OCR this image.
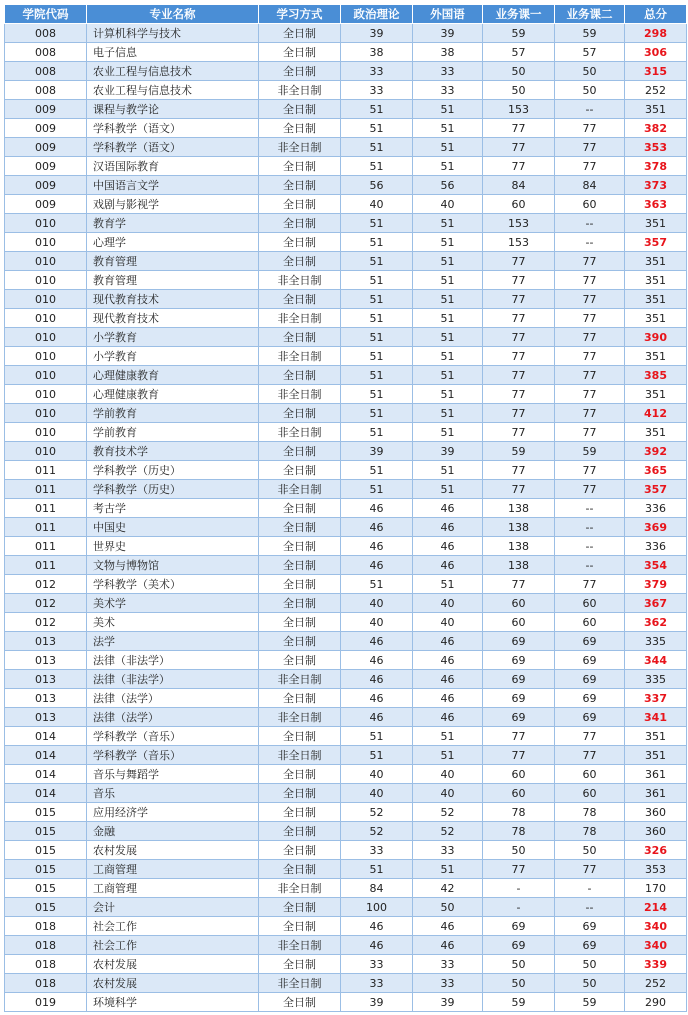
学院代码	专业名称	学习方式	政治理论	外国语	业务课一	业务课二	总分
008	计算机科学与技术	全日制	39	39	59	59	298
008	电子信息	全日制	38	38	57	57	306
008	农业工程与信息技术	全日制	33	33	50	50	315
008	农业工程与信息技术	非全日制	33	33	50	50	252
009	课程与教学论	全日制	51	51	153	--	351
009	学科教学（语文）	全日制	51	51	77	77	382
009	学科教学（语文）	非全日制	51	51	77	77	353
009	汉语国际教育	全日制	51	51	77	77	378
009	中国语言文学	全日制	56	56	84	84	373
009	戏剧与影视学	全日制	40	40	60	60	363
010	教育学	全日制	51	51	153	--	351
010	心理学	全日制	51	51	153	--	357
010	教育管理	全日制	51	51	77	77	351
010	教育管理	非全日制	51	51	77	77	351
010	现代教育技术	全日制	51	51	77	77	351
010	现代教育技术	非全日制	51	51	77	77	351
010	小学教育	全日制	51	51	77	77	390
010	小学教育	非全日制	51	51	77	77	351
010	心理健康教育	全日制	51	51	77	77	385
010	心理健康教育	非全日制	51	51	77	77	351
010	学前教育	全日制	51	51	77	77	412
010	学前教育	非全日制	51	51	77	77	351
010	教育技术学	全日制	39	39	59	59	392
011	学科教学（历史）	全日制	51	51	77	77	365
011	学科教学（历史）	非全日制	51	51	77	77	357
011	考古学	全日制	46	46	138	--	336
011	中国史	全日制	46	46	138	--	369
011	世界史	全日制	46	46	138	--	336
011	文物与博物馆	全日制	46	46	138	--	354
012	学科教学（美术）	全日制	51	51	77	77	379
012	美术学	全日制	40	40	60	60	367
012	美术	全日制	40	40	60	60	362
013	法学	全日制	46	46	69	69	335
013	法律（非法学）	全日制	46	46	69	69	344
013	法律（非法学）	非全日制	46	46	69	69	335
013	法律（法学）	全日制	46	46	69	69	337
013	法律（法学）	非全日制	46	46	69	69	341
014	学科教学（音乐）	全日制	51	51	77	77	351
014	学科教学（音乐）	非全日制	51	51	77	77	351
014	音乐与舞蹈学	全日制	40	40	60	60	361
014	音乐	全日制	40	40	60	60	361
015	应用经济学	全日制	52	52	78	78	360
015	金融	全日制	52	52	78	78	360
015	农村发展	全日制	33	33	50	50	326
015	工商管理	全日制	51	51	77	77	353
015	工商管理	非全日制	84	42	-	-	170
015	会计	全日制	100	50	-	--	214
018	社会工作	全日制	46	46	69	69	340
018	社会工作	非全日制	46	46	69	69	340
018	农村发展	全日制	33	33	50	50	339
018	农村发展	非全日制	33	33	50	50	252
019	环境科学	全日制	39	39	59	59	290
